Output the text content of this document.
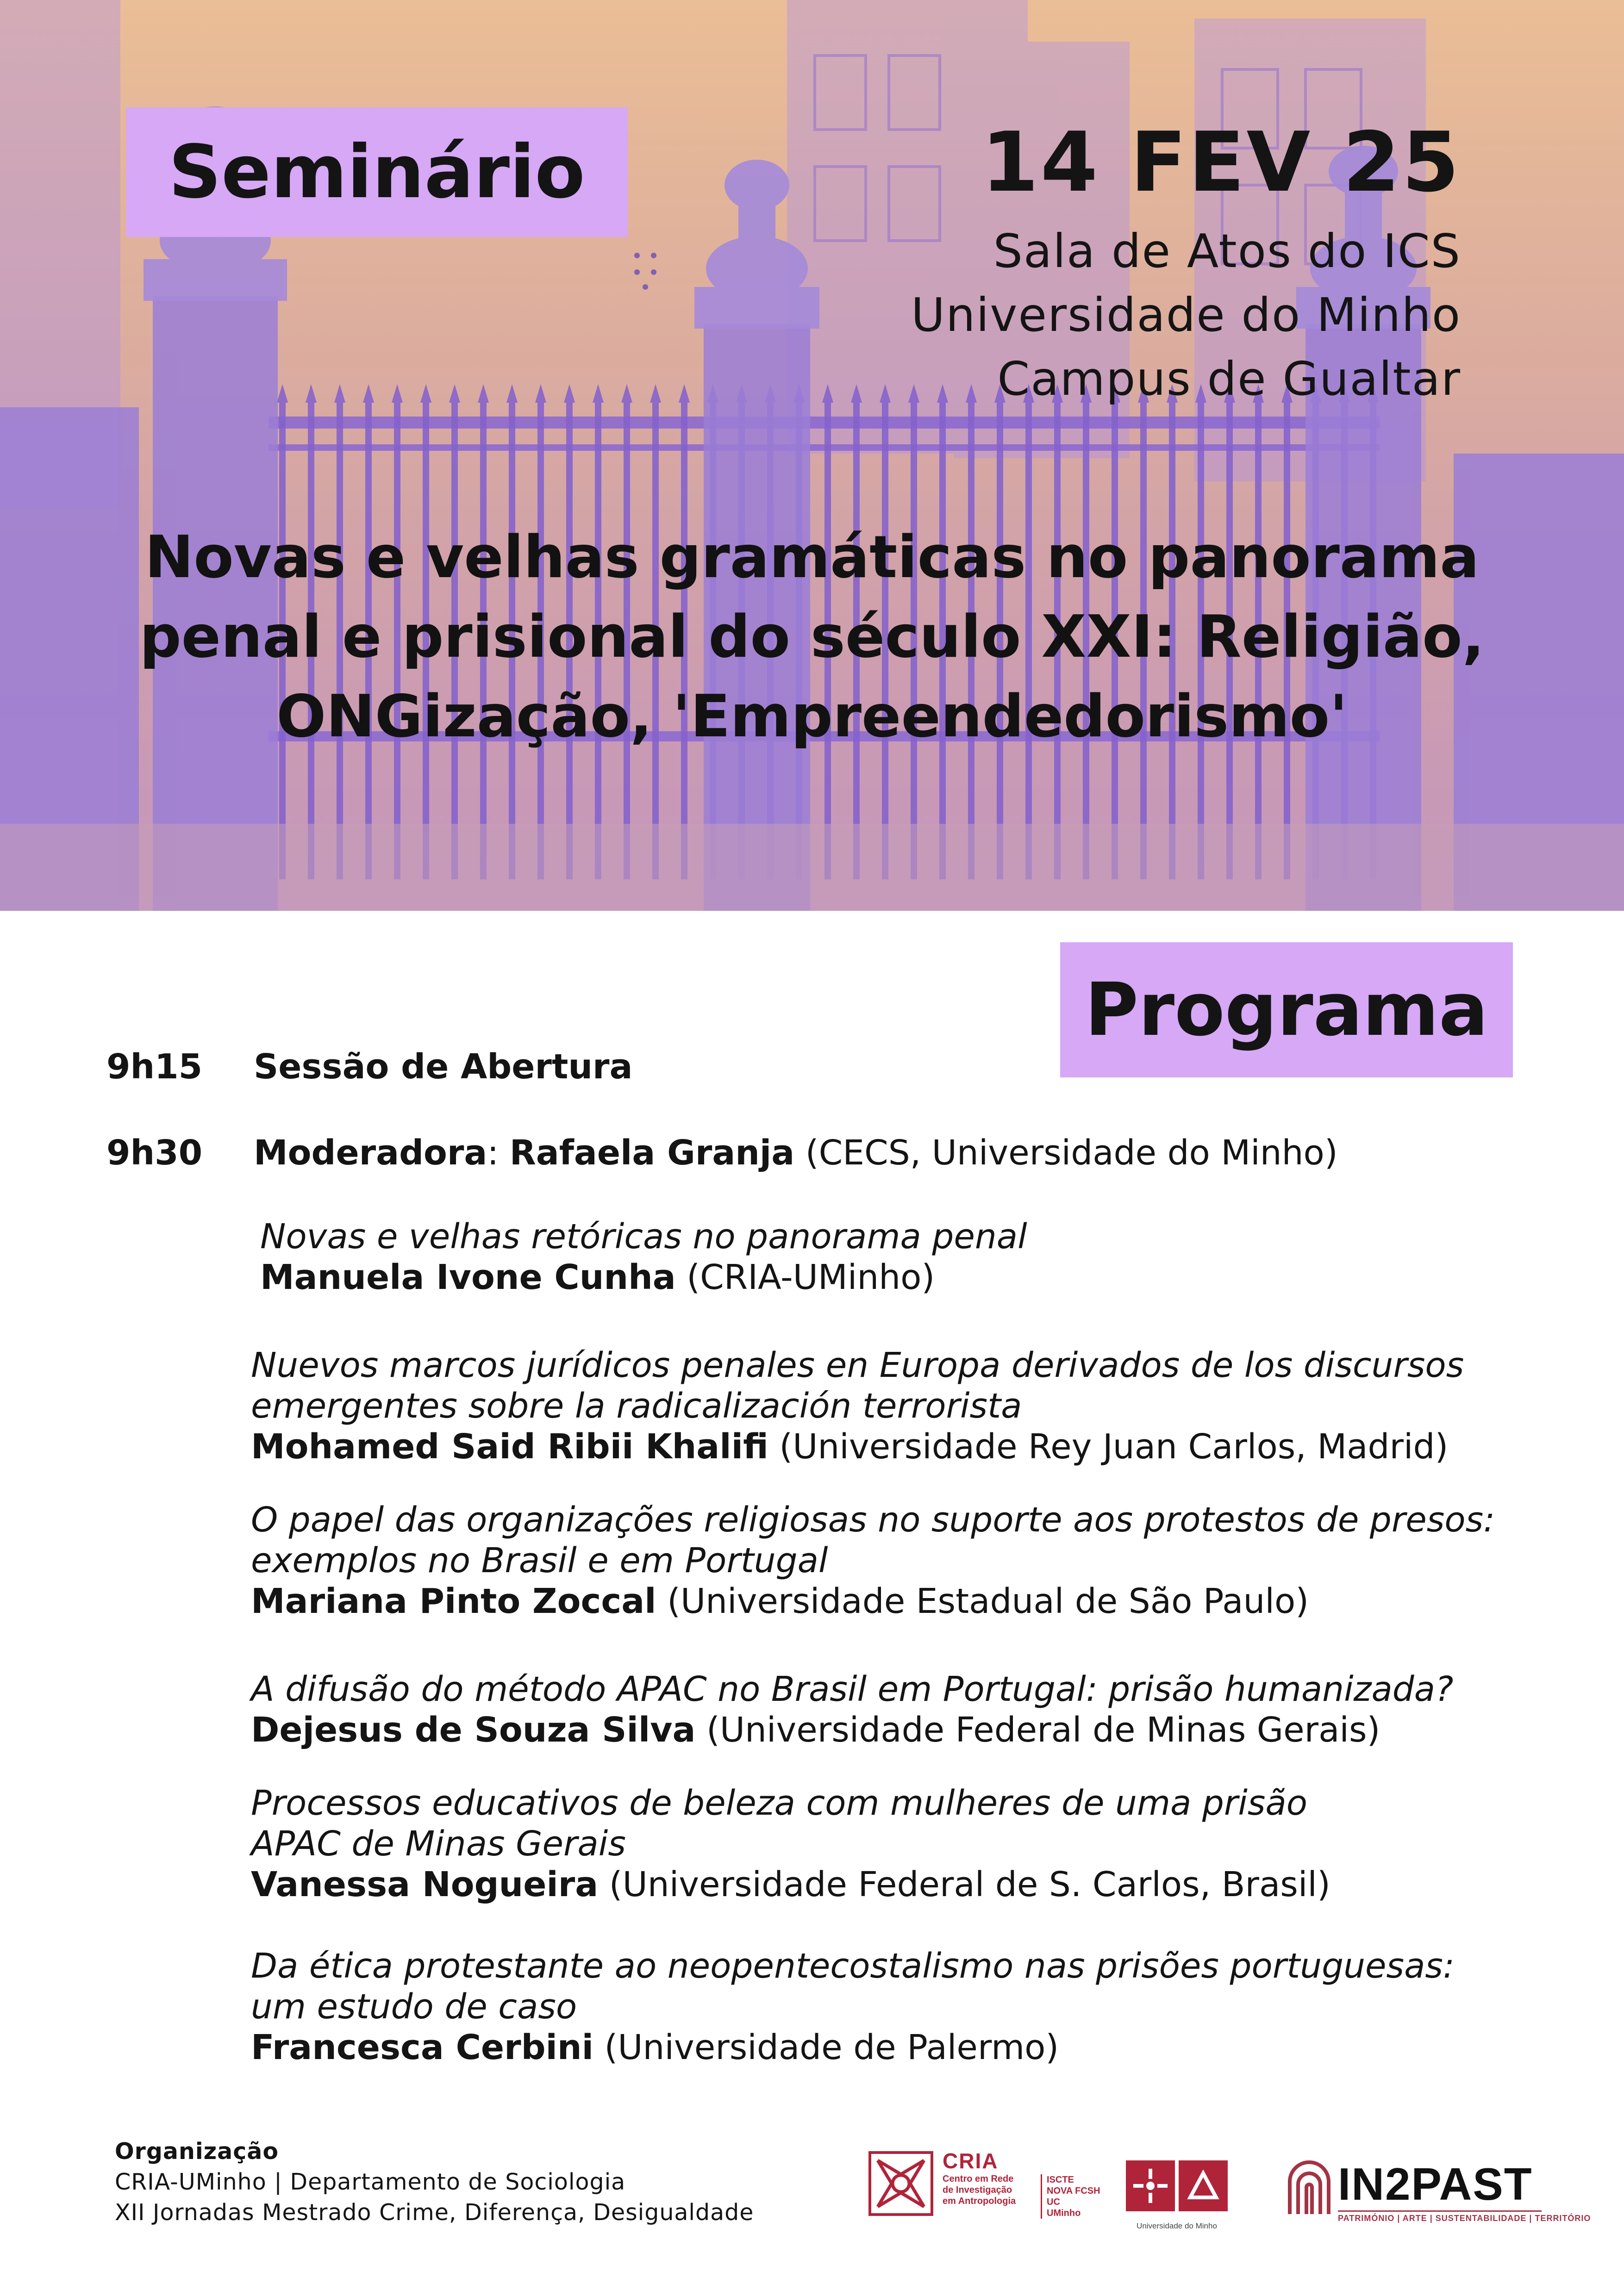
Seminário	14 FEV 25
Sala de Atos do ICS
Universidade do Minho
Campus de Gualtar
Novas e velhas gramáticas no panorama
penal e prisional do século XXI: Religião,
ONGização, 'Empreendedorismo'
Programa
9h15 Sessão de Abertura
9h30 Moderadora: Rafaela Granja (CECS, Universidade do Minho)
Novas e velhas retóricas no panorama penal
Manuela Ivone Cunha (CRIA-UMinho)
Nuevos marcos jurídicos penales en Europa derivados de los discursos
emergentes sobre la radicalización terrorista
Mohamed Said Ribii Khalifi (Universidade Rey Juan Carlos, Madrid)
O papel das organizações religiosas no suporte aos protestos de presos:
exemplos no Brasil e em Portugal
Mariana Pinto Zoccal (Universidade Estadual de São Paulo)
A difusão do método APAC no Brasil em Portugal: prisão humanizada?
Dejesus de Souza Silva (Universidade Federal de Minas Gerais)
Processos educativos de beleza com mulheres de uma prisão
APAC de Minas Gerais
Vanessa Nogueira (Universidade Federal de S. Carlos, Brasil)
Da ética protestante ao neopentecostalismo nas prisões portuguesas:
um estudo de caso
Francesca Cerbini (Universidade de Palermo)
Organização
CRIA-UMinho | Departamento de Sociologia
XII Jornadas Mestrado Crime, Diferença, Desigualdade
CRIA
Centro em Rede
de Investigação
em Antropologia
ISCTE
NOVA FCSH
UC
UMinho
Universidade do Minho
IN2PAST
PATRIMÓNIO | ARTE | SUSTENTABILIDADE | TERRITÓRIO
